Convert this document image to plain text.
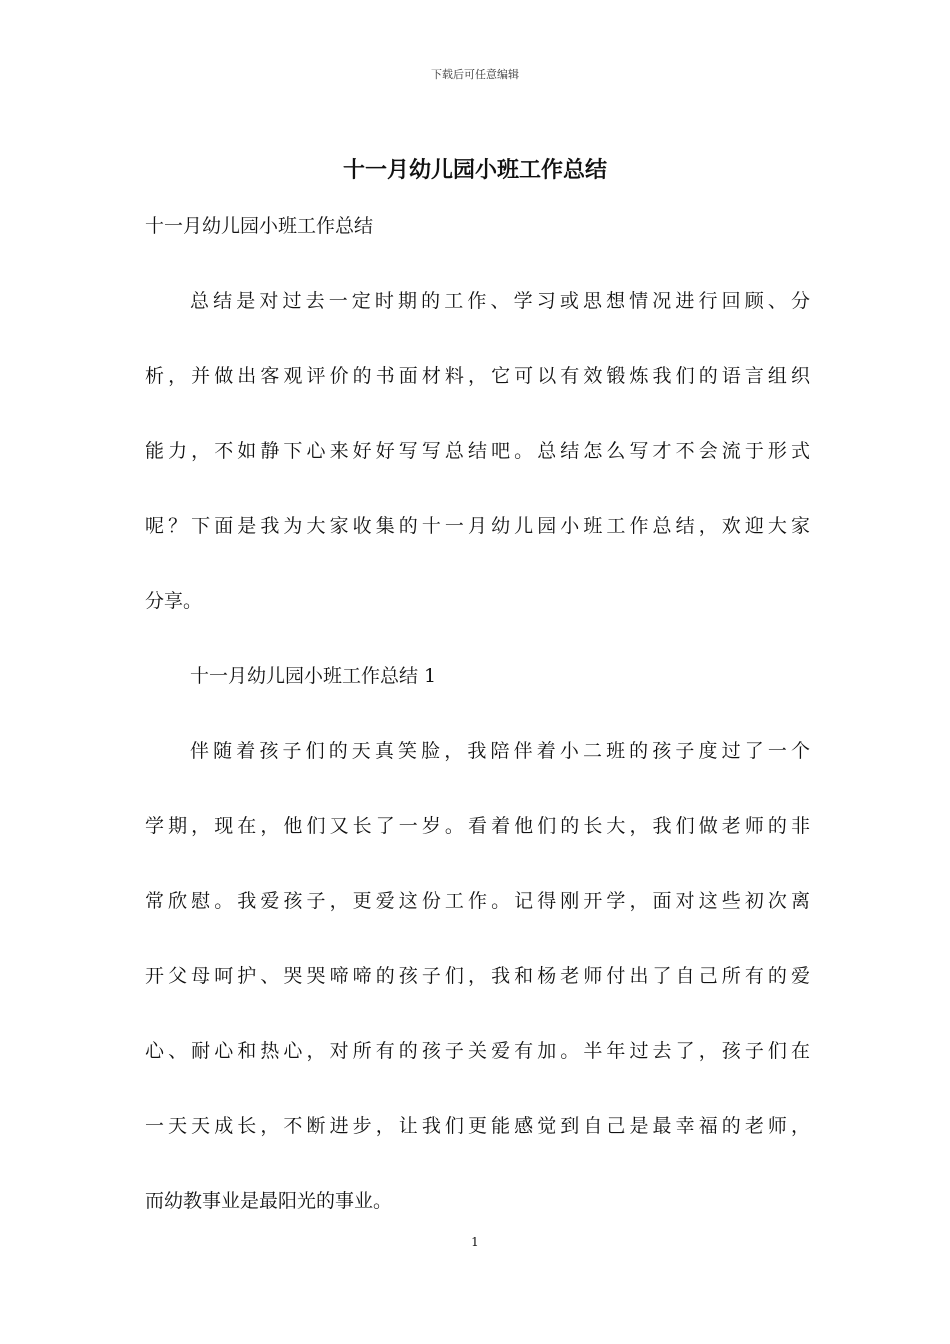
下载后可任意编辑
十一月幼儿园小班工作总结
十一月幼儿园小班工作总结
总结是对过去一定时期的工作、学习或思想情况进行回顾、分
析，并做出客观评价的书面材料，它可以有效锻炼我们的语言组织
能力，不如静下心来好好写写总结吧。总结怎么写才不会流于形式
呢？下面是我为大家收集的十一月幼儿园小班工作总结，欢迎大家
分享。
十一月幼儿园小班工作总结 1
伴随着孩子们的天真笑脸，我陪伴着小二班的孩子度过了一个
学期，现在，他们又长了一岁。看着他们的长大，我们做老师的非
常欣慰。我爱孩子，更爱这份工作。记得刚开学，面对这些初次离
开父母呵护、哭哭啼啼的孩子们，我和杨老师付出了自己所有的爱
心、耐心和热心，对所有的孩子关爱有加。半年过去了，孩子们在
一天天成长，不断进步，让我们更能感觉到自己是最幸福的老师，
而幼教事业是最阳光的事业。
1
